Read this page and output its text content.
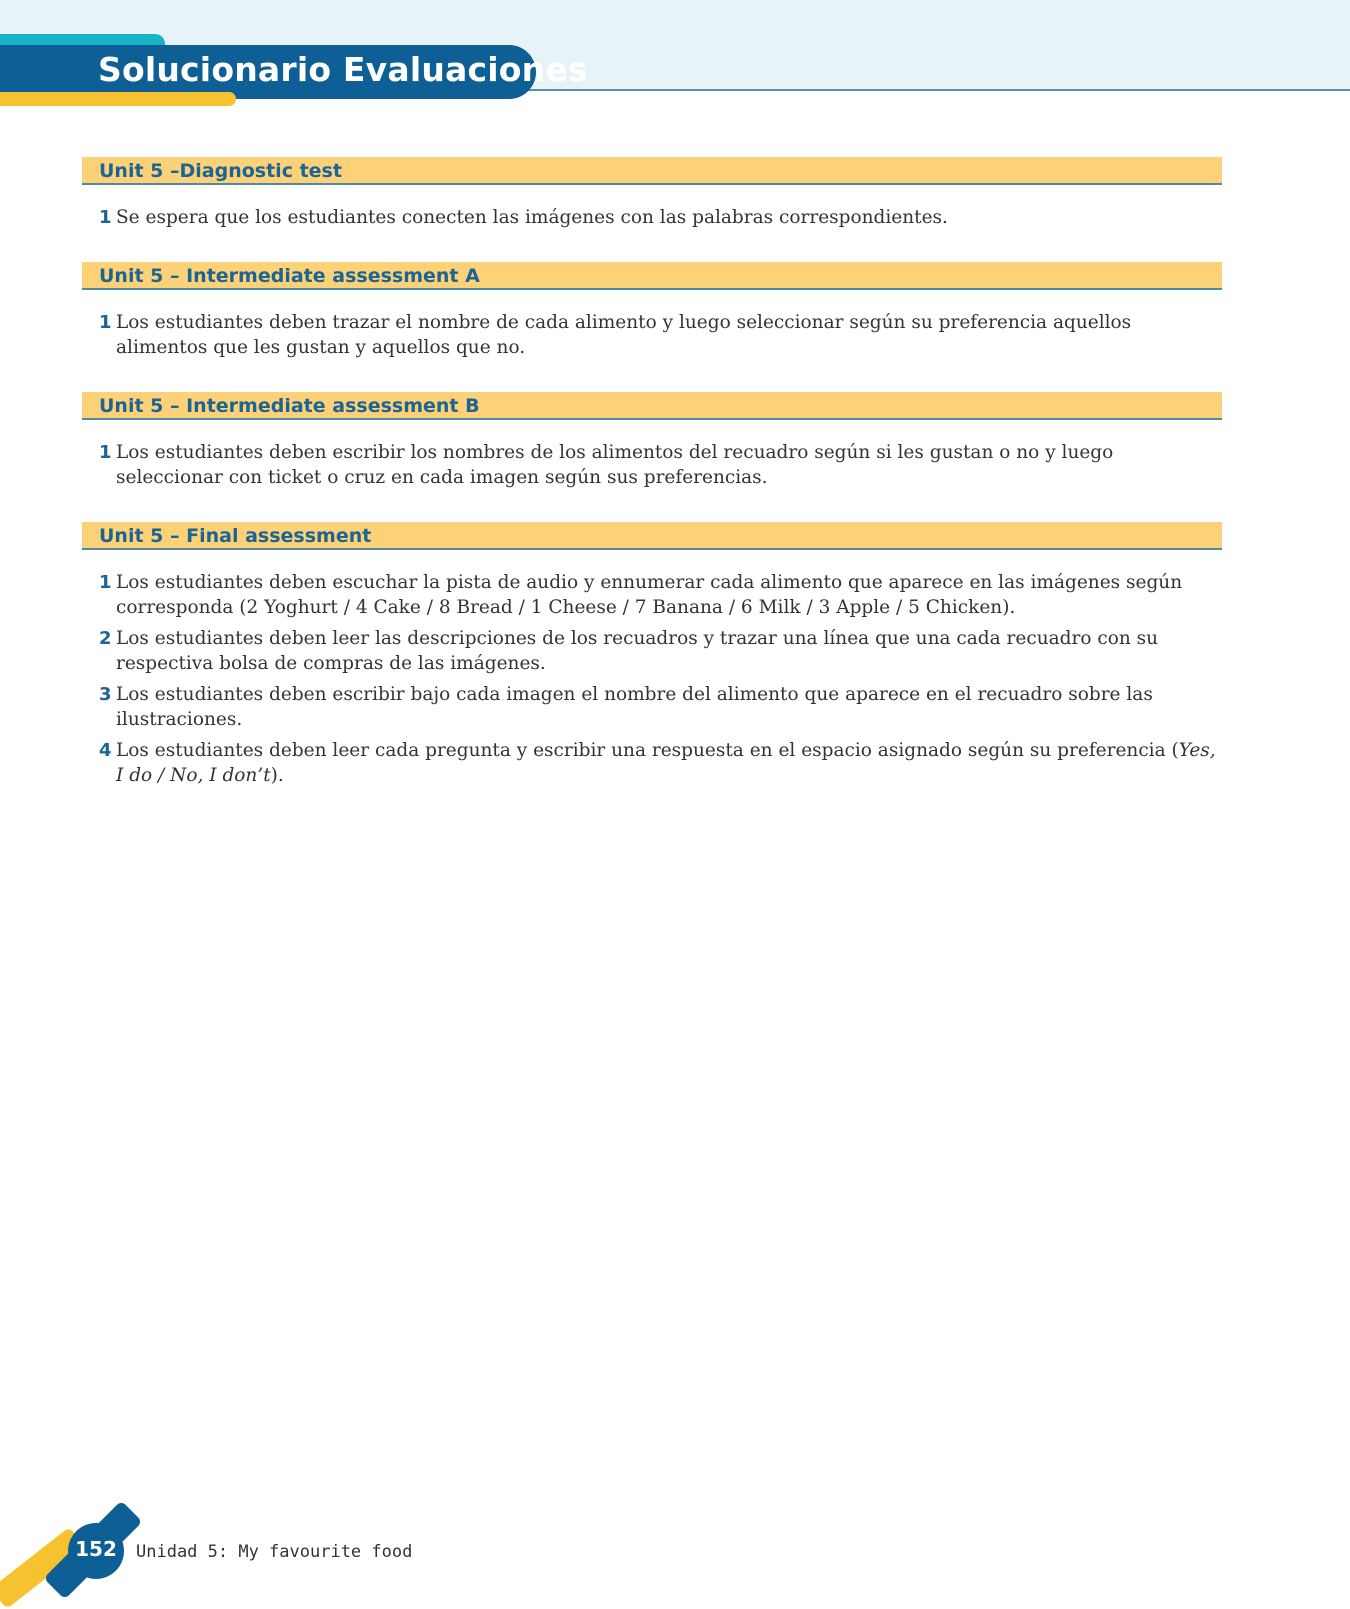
Solucionario Evaluaciones
Unit 5 –Diagnostic test
1 Se espera que los estudiantes conecten las imágenes con las palabras correspondientes.
Unit 5 – Intermediate assessment A
1 Los estudiantes deben trazar el nombre de cada alimento y luego seleccionar según su preferencia aquellos alimentos que les gustan y aquellos que no.
Unit 5 – Intermediate assessment B
1 Los estudiantes deben escribir los nombres de los alimentos del recuadro según si les gustan o no y luego seleccionar con ticket o cruz en cada imagen según sus preferencias.
Unit 5 – Final assessment
1 Los estudiantes deben escuchar la pista de audio y ennumerar cada alimento que aparece en las imágenes según corresponda (2 Yoghurt / 4 Cake / 8 Bread / 1 Cheese / 7 Banana / 6 Milk / 3 Apple / 5 Chicken).
2 Los estudiantes deben leer las descripciones de los recuadros y trazar una línea que una cada recuadro con su respectiva bolsa de compras de las imágenes.
3 Los estudiantes deben escribir bajo cada imagen el nombre del alimento que aparece en el recuadro sobre las ilustraciones.
4 Los estudiantes deben leer cada pregunta y escribir una respuesta en el espacio asignado según su preferencia (Yes, I do / No, I don’t).
152	Unidad 5: My favourite food
